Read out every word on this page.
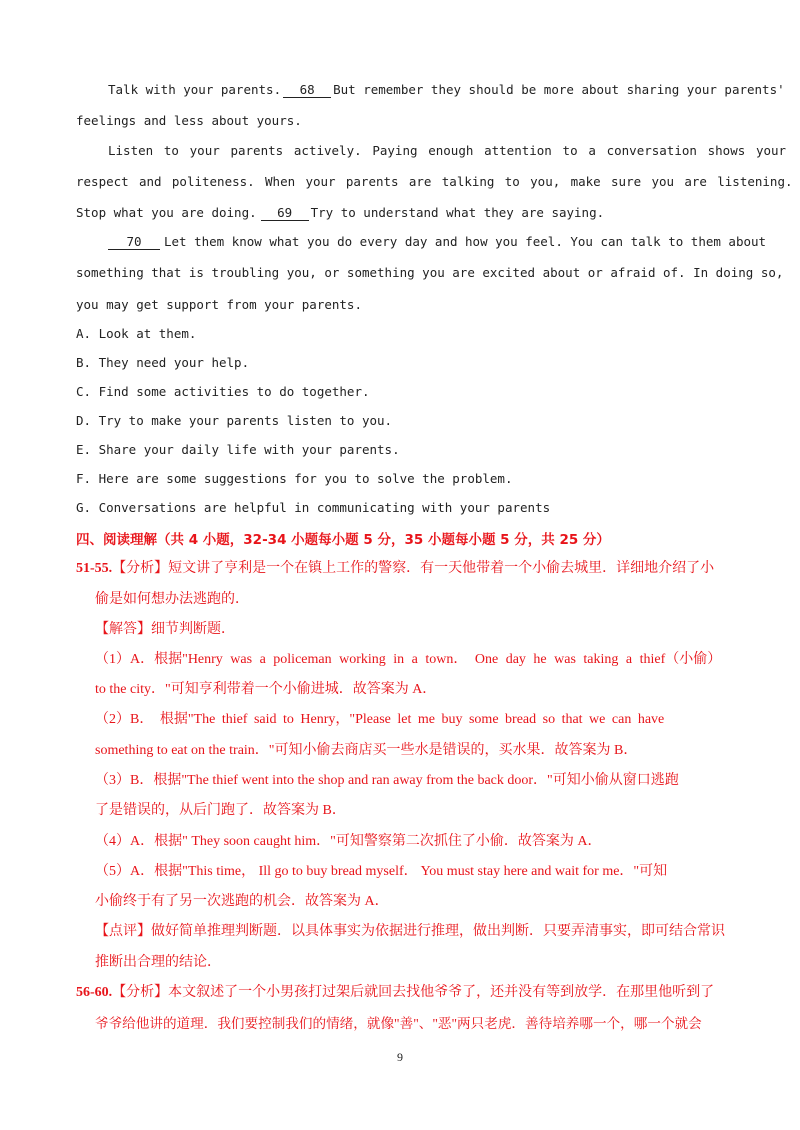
Talk with your parents. 68 But remember they should be more about sharing your parents'
feelings and less about yours.
Listen to your parents actively. Paying enough attention to a conversation shows your
respect and politeness. When your parents are talking to you, make sure you are listening.
Stop what you are doing. 69 Try to understand what they are saying.
70 Let them know what you do every day and how you feel. You can talk to them about
something that is troubling you, or something you are excited about or afraid of. In doing so,
you may get support from your parents.
A. Look at them.
B. They need your help.
C. Find some activities to do together.
D. Try to make your parents listen to you.
E. Share your daily life with your parents.
F. Here are some suggestions for you to solve the problem.
G. Conversations are helpful in communicating with your parents
四、阅读理解（共 4 小题，32-34 小题每小题 5 分，35 小题每小题 5 分，共 25 分）
51-55.【分析】短文讲了亨利是一个在镇上工作的警察．有一天他带着一个小偷去城里．详细地介绍了小
偷是如何想办法逃跑的．
【解答】细节判断题．
（1）A．根据"Henry was a policeman working in a town． One day he was taking a thief（小偷）
to the city．"可知亨利带着一个小偷进城．故答案为 A．
（2）B． 根据"The thief said to Henry，"Please let me buy some bread so that we can have
something to eat on the train．"可知小偷去商店买一些水是错误的，买水果．故答案为 B．
（3）B．根据"The thief went into the shop and ran away from the back door．"可知小偷从窗口逃跑
了是错误的，从后门跑了．故答案为 B．
（4）A．根据" They soon caught him．"可知警察第二次抓住了小偷．故答案为 A．
（5）A．根据"This time， Ill go to buy bread myself． You must stay here and wait for me．"可知
小偷终于有了另一次逃跑的机会．故答案为 A．
【点评】做好简单推理判断题．以具体事实为依据进行推理，做出判断．只要弄清事实，即可结合常识
推断出合理的结论．
56-60.【分析】本文叙述了一个小男孩打过架后就回去找他爷爷了，还并没有等到放学．在那里他听到了
爷爷给他讲的道理．我们要控制我们的情绪，就像"善"、"恶"两只老虎．善待培养哪一个，哪一个就会
9
